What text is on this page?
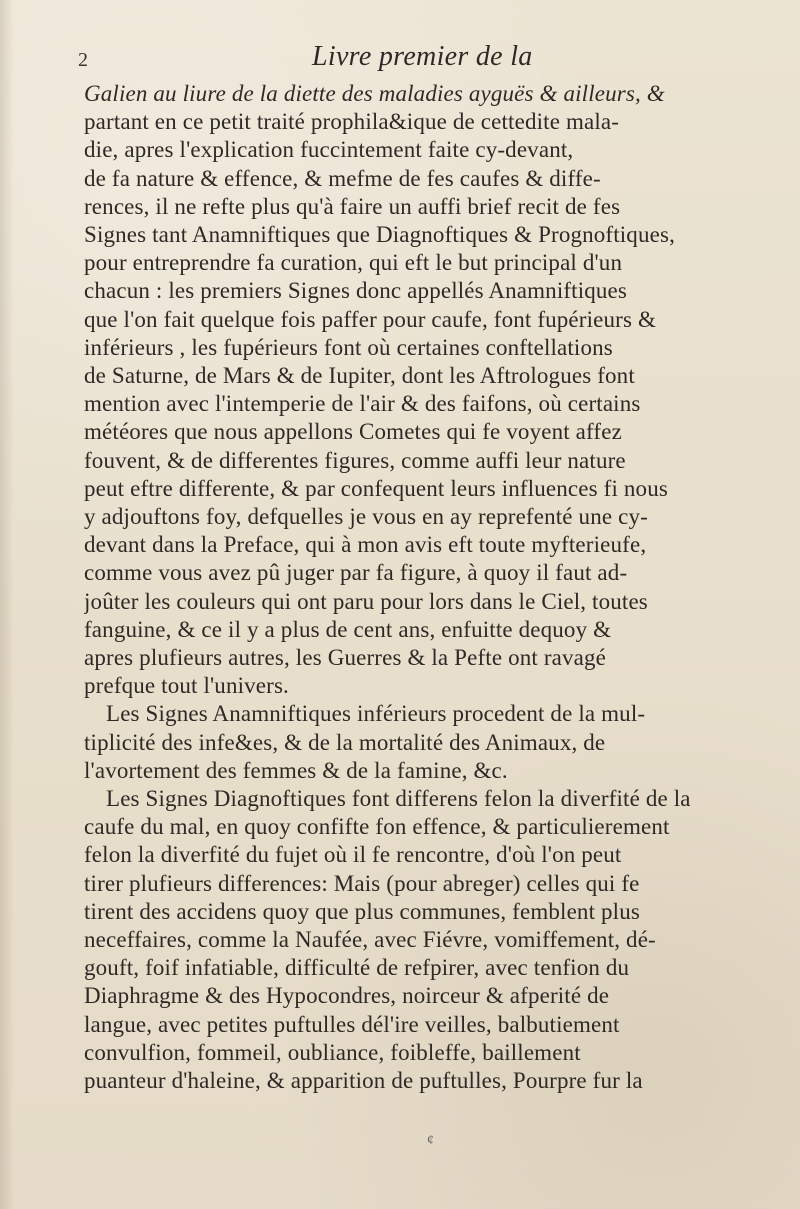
2	Livre premier de la
Galien au liure de la diette des maladies ayguës & ailleurs, &
partant en ce petit traité prophila&ique de cettedite mala-
die, apres l'explication fuccintement faite cy-devant,
de fa nature & effence, & mefme de fes caufes & diffe-
rences, il ne refte plus qu'à faire un auffi brief recit de fes
Signes tant Anamniftiques que Diagnoftiques & Prognoftiques,
pour entreprendre fa curation, qui eft le but principal d'un
chacun : les premiers Signes donc appellés Anamniftiques
que l'on fait quelque fois paffer pour caufe, font fupérieurs &
inférieurs , les fupérieurs font où certaines conftellations
de Saturne, de Mars & de Iupiter, dont les Aftrologues font
mention avec l'intemperie de l'air & des faifons, où certains
météores que nous appellons Cometes qui fe voyent affez
fouvent, & de differentes figures, comme auffi leur nature
peut eftre differente, & par confequent leurs influences fi nous
y adjouftons foy, defquelles je vous en ay reprefenté une cy-
devant dans la Preface, qui à mon avis eft toute myfterieufe,
comme vous avez pû juger par fa figure, à quoy il faut ad-
joûter les couleurs qui ont paru pour lors dans le Ciel, toutes
fanguine, & ce il y a plus de cent ans, enfuitte dequoy &
apres plufieurs autres, les Guerres & la Pefte ont ravagé
prefque tout l'univers.
Les Signes Anamniftiques inférieurs procedent de la mul-
tiplicité des infe&es, & de la mortalité des Animaux, de
l'avortement des femmes & de la famine, &c.
Les Signes Diagnoftiques font differens felon la diverfité de la
caufe du mal, en quoy confifte fon effence, & particulierement
felon la diverfité du fujet où il fe rencontre, d'où l'on peut
tirer plufieurs differences: Mais (pour abreger) celles qui fe
tirent des accidens quoy que plus communes, femblent plus
neceffaires, comme la Naufée, avec Fiévre, vomiffement, dé-
gouft, foif infatiable, difficulté de refpirer, avec tenfion du
Diaphragme & des Hypocondres, noirceur & afperité de
langue, avec petites puftulles dél'ire veilles, balbutiement
convulfion, fommeil, oubliance, foibleffe, baillement
puanteur d'haleine, & apparition de puftulles, Pourpre fur la
¢
